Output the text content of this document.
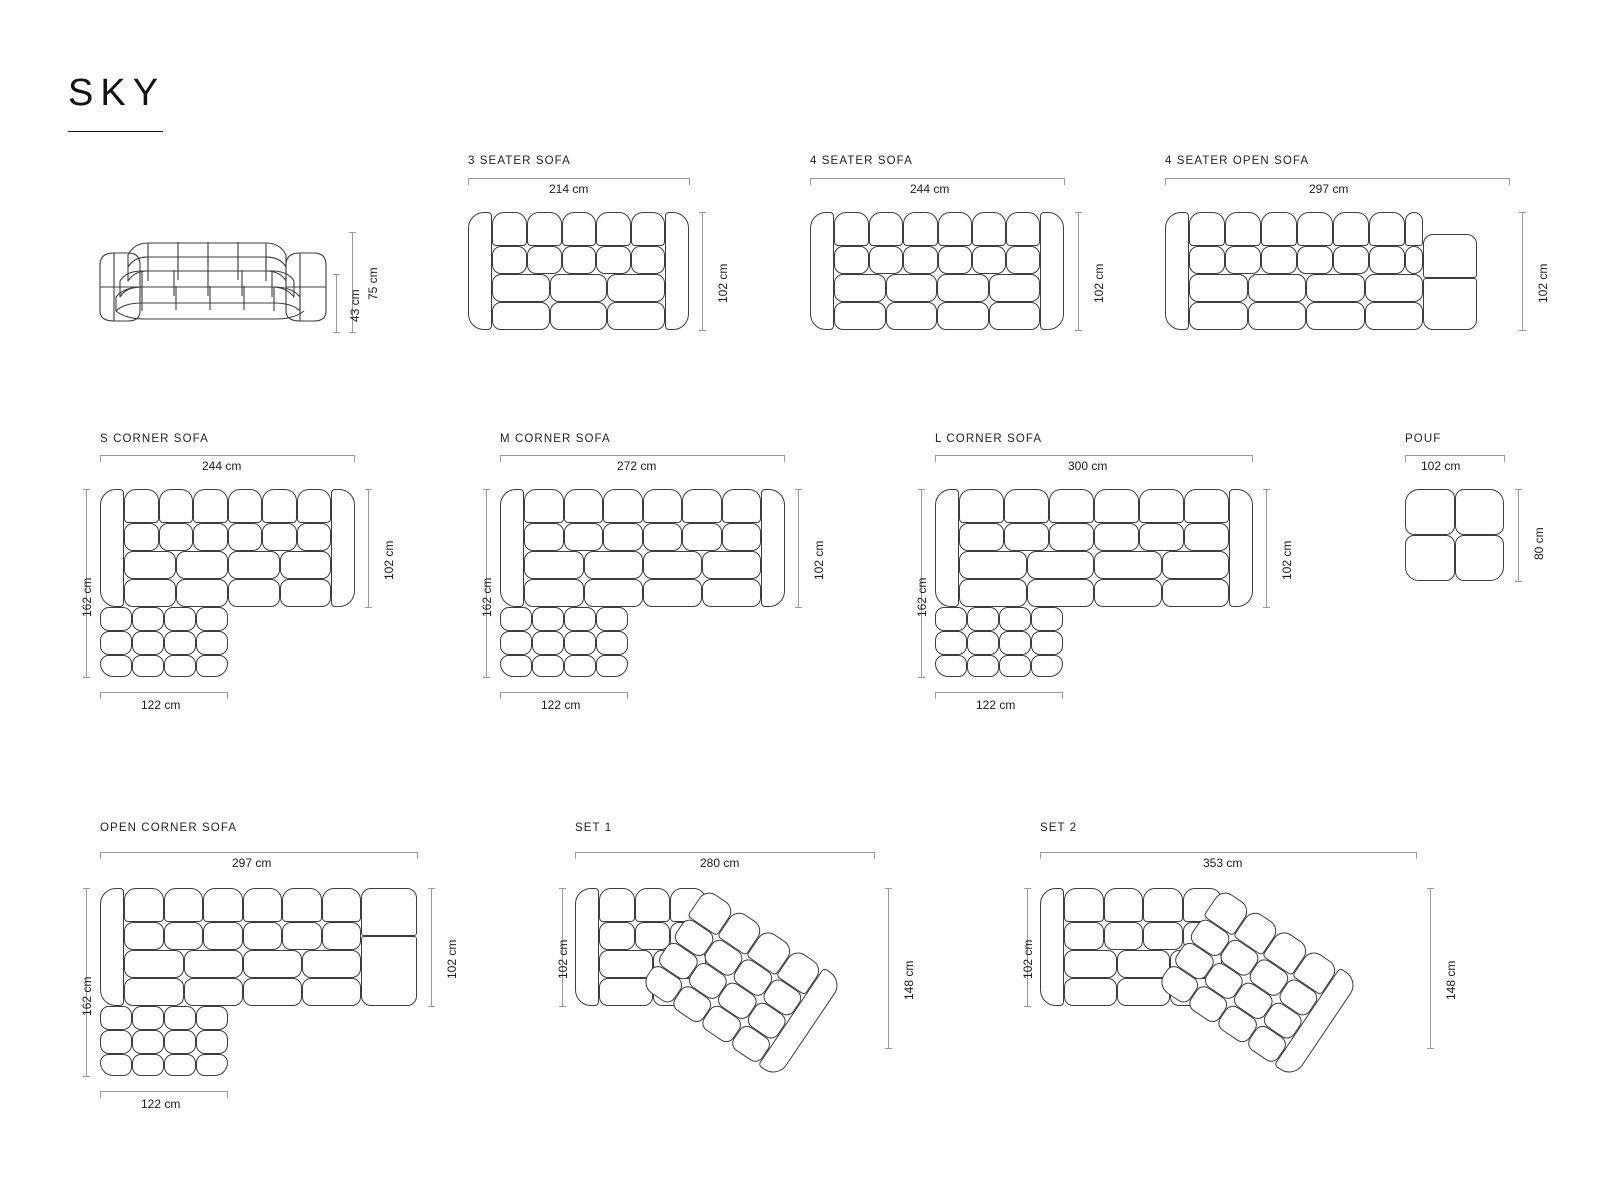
SKY
75 cm
43 cm
3 SEATER SOFA
214 cm
102 cm
4 SEATER SOFA
244 cm
102 cm
4 SEATER OPEN SOFA
297 cm
102 cm
S CORNER SOFA
244 cm
102 cm
162 cm
122 cm
M CORNER SOFA
272 cm
102 cm
162 cm
122 cm
L CORNER SOFA
300 cm
102 cm
162 cm
122 cm
POUF
102 cm
80 cm
OPEN CORNER SOFA
297 cm
102 cm
162 cm
122 cm
SET 1
280 cm
102 cm
148 cm
SET 2
353 cm
102 cm
148 cm
